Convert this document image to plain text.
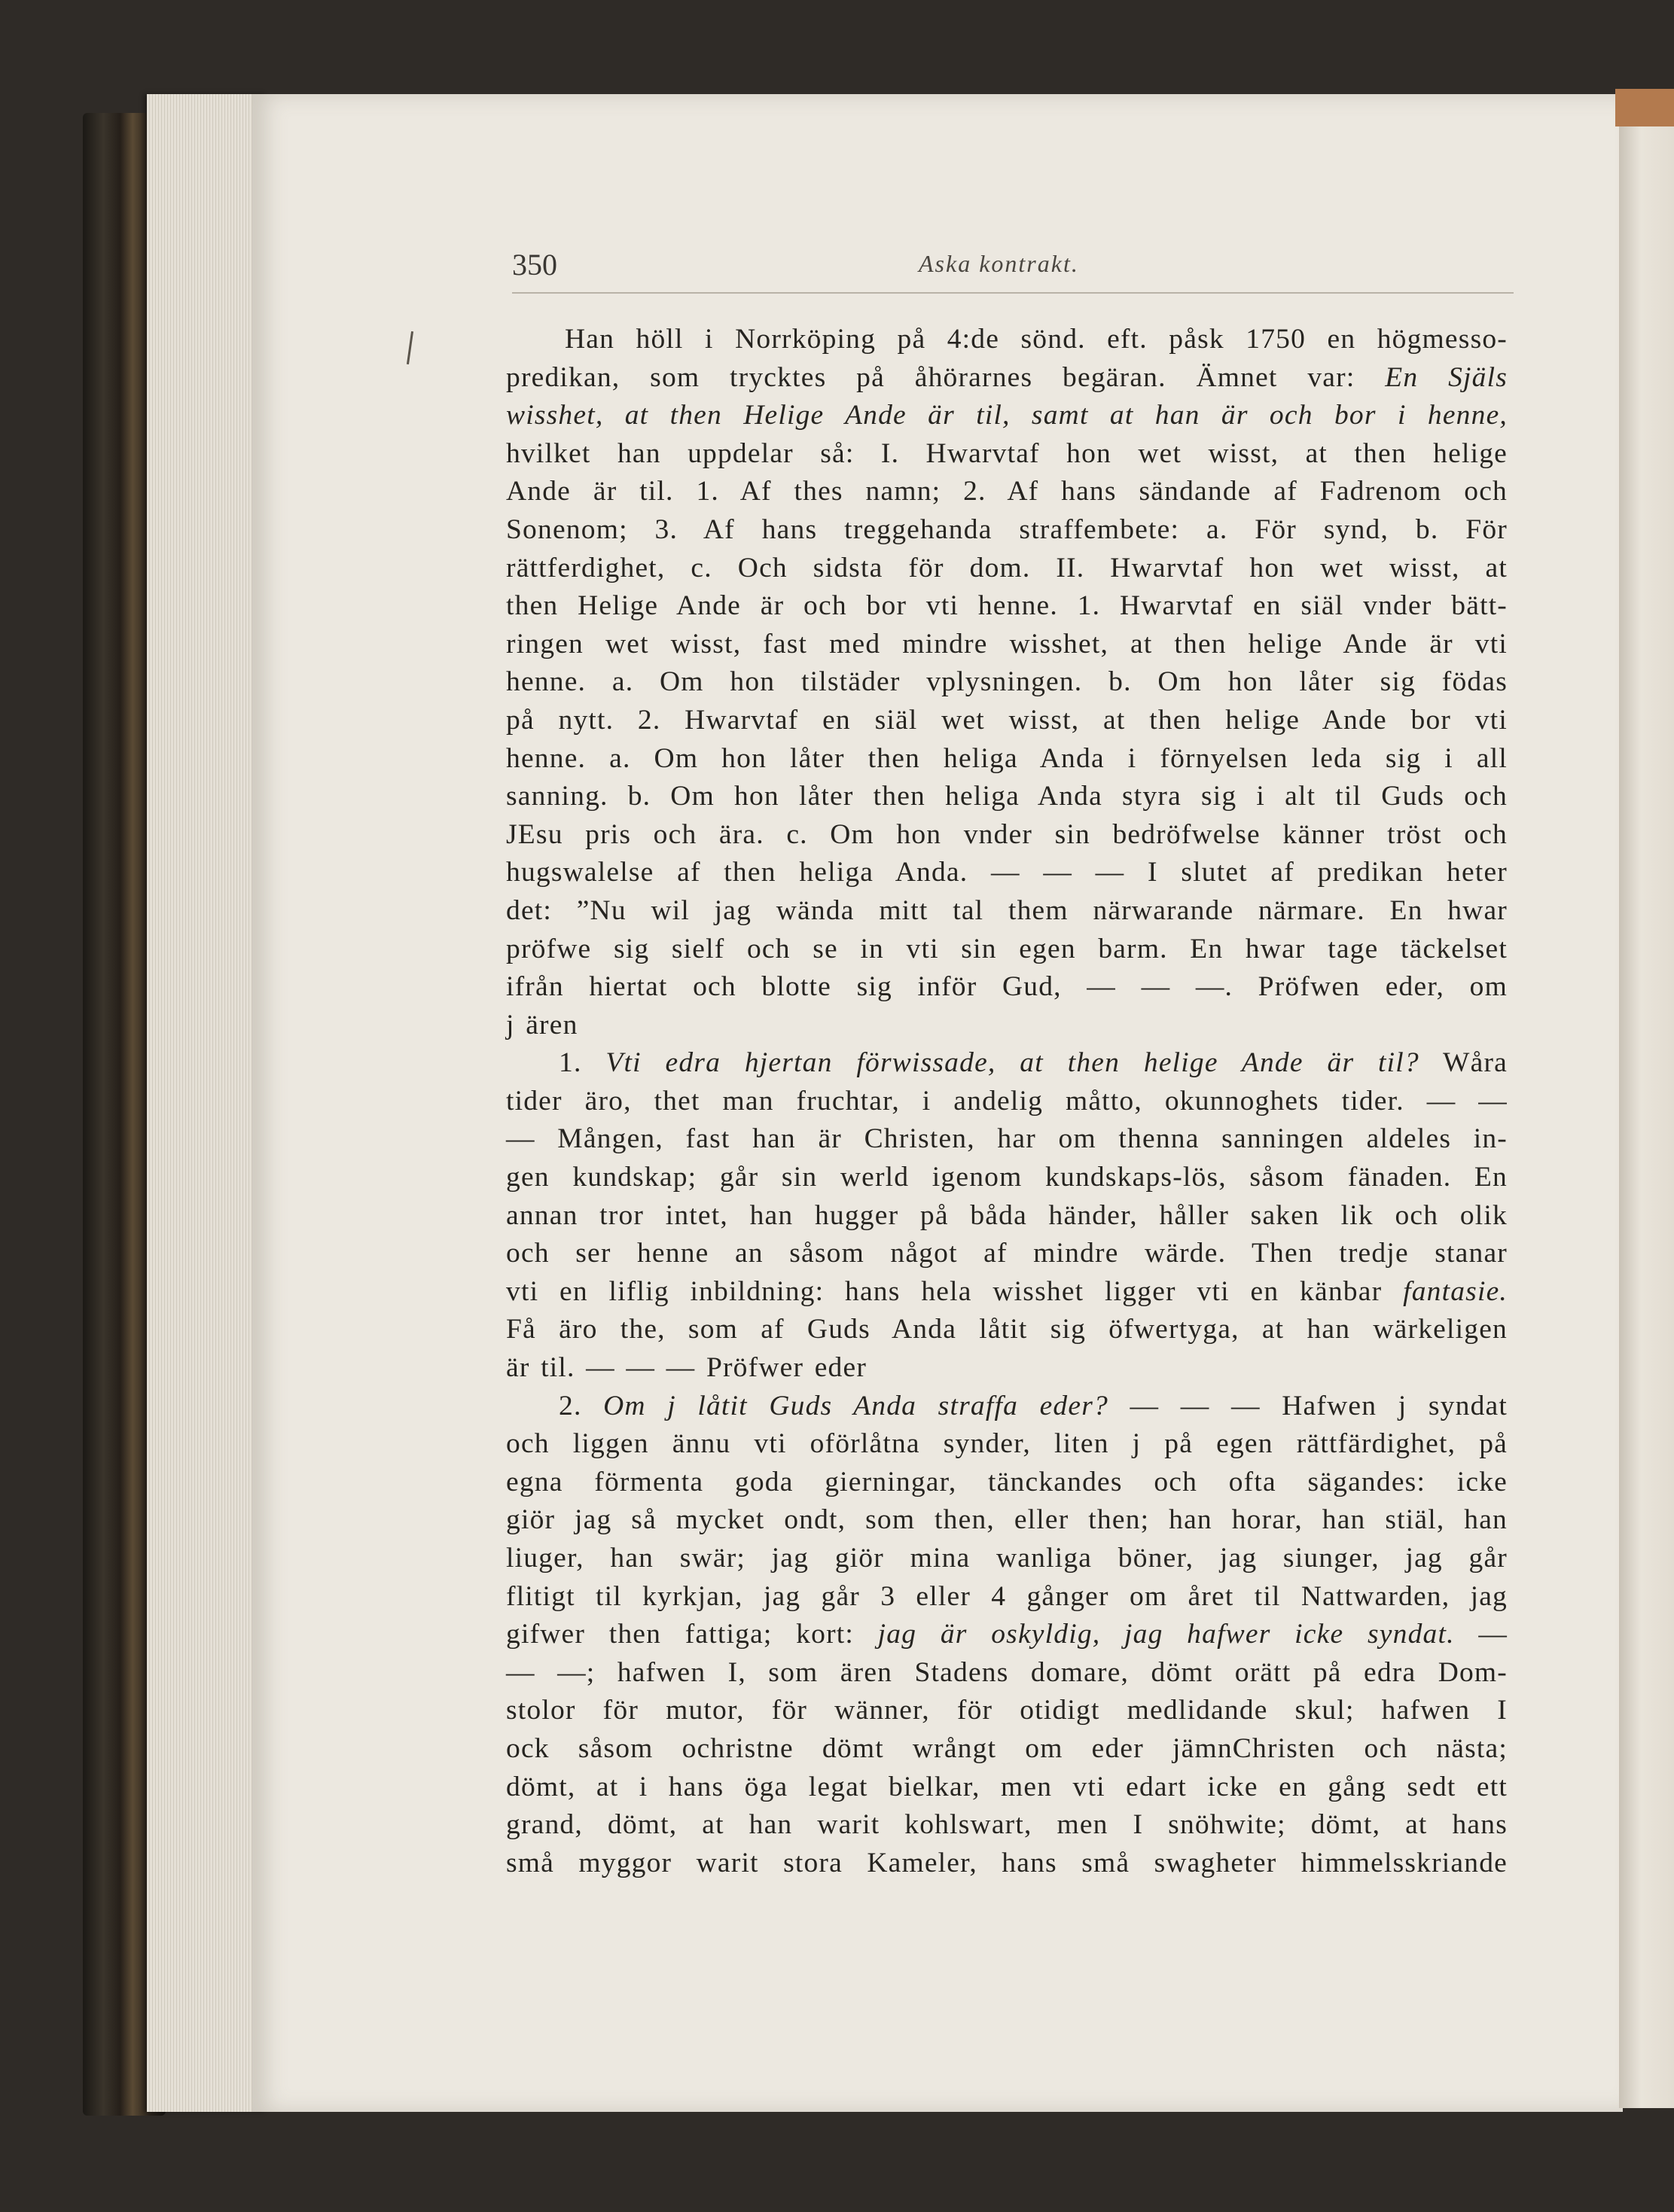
350	Aska kontrakt.
Han höll i Norrköping på 4:de sönd. eft. påsk 1750 en högmesso-
predikan, som trycktes på åhörarnes begäran. Ämnet var: En Själs
wisshet, at then Helige Ande är til, samt at han är och bor i henne,
hvilket han uppdelar så: I. Hwarvtaf hon wet wisst, at then helige
Ande är til. 1. Af thes namn; 2. Af hans sändande af Fadrenom och
Sonenom; 3. Af hans treggehanda straffembete: a. För synd, b. För
rättferdighet, c. Och sidsta för dom. II. Hwarvtaf hon wet wisst, at
then Helige Ande är och bor vti henne. 1. Hwarvtaf en siäl vnder bätt-
ringen wet wisst, fast med mindre wisshet, at then helige Ande är vti
henne. a. Om hon tilstäder vplysningen. b. Om hon låter sig födas
på nytt. 2. Hwarvtaf en siäl wet wisst, at then helige Ande bor vti
henne. a. Om hon låter then heliga Anda i förnyelsen leda sig i all
sanning. b. Om hon låter then heliga Anda styra sig i alt til Guds och
JEsu pris och ära. c. Om hon vnder sin bedröfwelse känner tröst och
hugswalelse af then heliga Anda. — — — I slutet af predikan heter
det: ”Nu wil jag wända mitt tal them närwarande närmare. En hwar
pröfwe sig sielf och se in vti sin egen barm. En hwar tage täckelset
ifrån hiertat och blotte sig inför Gud, — — —. Pröfwen eder, om
j ären
1. Vti edra hjertan förwissade, at then helige Ande är til? Wåra
tider äro, thet man fruchtar, i andelig måtto, okunnoghets tider. — —
— Mången, fast han är Christen, har om thenna sanningen aldeles in-
gen kundskap; går sin werld igenom kundskaps-lös, såsom fänaden. En
annan tror intet, han hugger på båda händer, håller saken lik och olik
och ser henne an såsom något af mindre wärde. Then tredje stanar
vti en liflig inbildning: hans hela wisshet ligger vti en känbar fantasie.
Få äro the, som af Guds Anda låtit sig öfwertyga, at han wärkeligen
är til. — — — Pröfwer eder
2. Om j låtit Guds Anda straffa eder? — — — Hafwen j syndat
och liggen ännu vti oförlåtna synder, liten j på egen rättfärdighet, på
egna förmenta goda gierningar, tänckandes och ofta sägandes: icke
giör jag så mycket ondt, som then, eller then; han horar, han stiäl, han
liuger, han swär; jag giör mina wanliga böner, jag siunger, jag går
flitigt til kyrkjan, jag går 3 eller 4 gånger om året til Nattwarden, jag
gifwer then fattiga; kort: jag är oskyldig, jag hafwer icke syndat. —
— —; hafwen I, som ären Stadens domare, dömt orätt på edra Dom-
stolor för mutor, för wänner, för otidigt medlidande skul; hafwen I
ock såsom ochristne dömt wrångt om eder jämnChristen och nästa;
dömt, at i hans öga legat bielkar, men vti edart icke en gång sedt ett
grand, dömt, at han warit kohlswart, men I snöhwite; dömt, at hans
små myggor warit stora Kameler, hans små swagheter himmelsskriande
